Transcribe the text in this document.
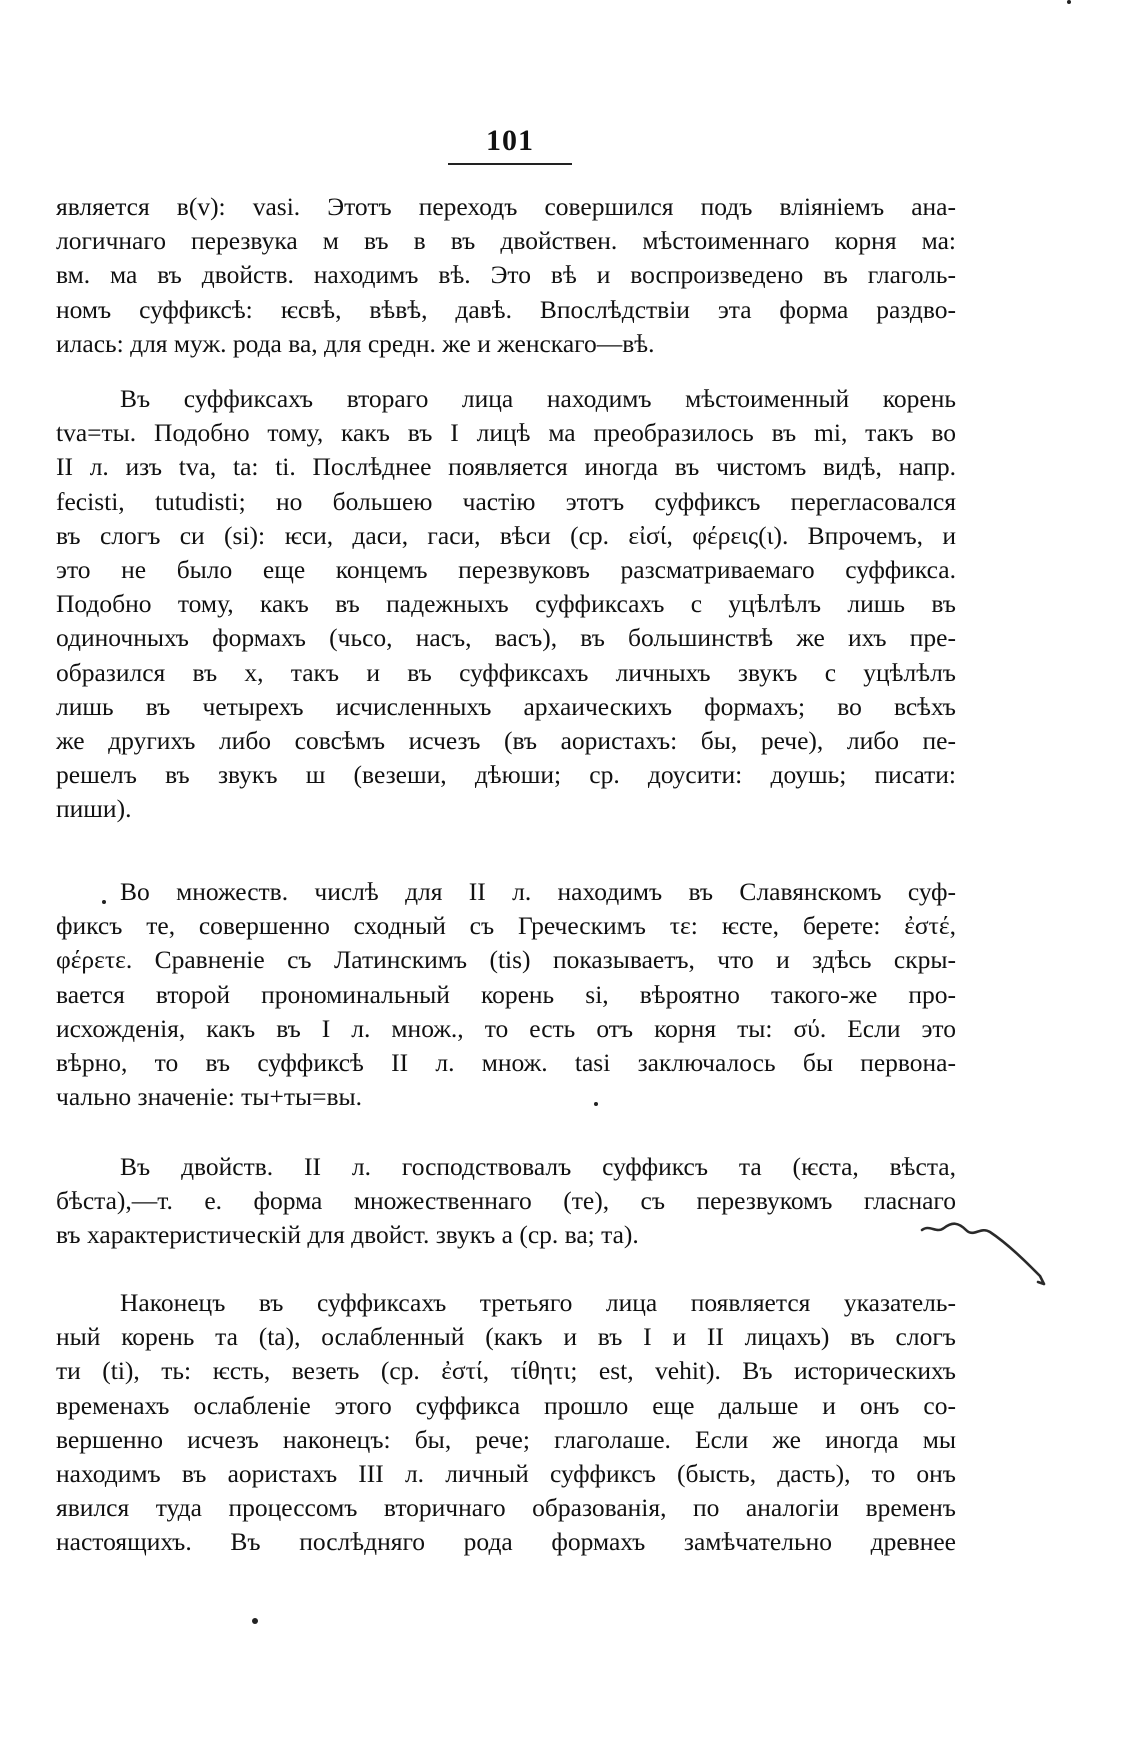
101
является в(v): vasi. Этотъ переходъ совершился подъ вліяніемъ ана-
логичнаго перезвука м въ в въ двойствен. мѣстоименнаго корня ма:
вм. ма въ двойств. находимъ вѣ. Это вѣ и воспроизведено въ глаголь-
номъ суффиксѣ: ѥсвѣ, вѣвѣ, давѣ. Впослѣдствіи эта форма раздво-
илась: для муж. рода ва, для средн. же и женскаго—вѣ.
Въ суффиксахъ втораго лица находимъ мѣстоименный корень
tva=ты. Подобно тому, какъ въ I лицѣ ма преобразилось въ mi, такъ во
II л. изъ tva, ta: ti. Послѣднее появляется иногда въ чистомъ видѣ, напр.
fecisti, tutudisti; но большею частію этотъ суффиксъ перегласовался
въ слогъ си (si): ѥси, даси, гаси, вѣси (ср. εἰσί, φέρεις(ι). Впрочемъ, и
это не было еще концемъ перезвуковъ разсматриваемаго суффикса.
Подобно тому, какъ въ падежныхъ суффиксахъ с уцѣлѣлъ лишь въ
одиночныхъ формахъ (чьсо, насъ, васъ), въ большинствѣ же ихъ пре-
образился въ х, такъ и въ суффиксахъ личныхъ звукъ с уцѣлѣлъ
лишь въ четырехъ исчисленныхъ архаическихъ формахъ; во всѣхъ
же другихъ либо совсѣмъ исчезъ (въ аористахъ: бы, рече), либо пе-
решелъ въ звукъ ш (везеши, дѣюши; ср. доусити: доушь; писати:
пиши).
Во множеств. числѣ для II л. находимъ въ Славянскомъ суф-
фиксъ те, совершенно сходный съ Греческимъ τε: ѥсте, берете: ἐστέ,
φέρετε. Сравненіе съ Латинскимъ (tis) показываетъ, что и здѣсь скры-
вается второй прономинальный корень si, вѣроятно такого-же про-
исхожденія, какъ въ I л. множ., то есть отъ корня ты: σύ. Если это
вѣрно, то въ суффиксѣ II л. множ. tasi заключалось бы первона-
чально значеніе: ты+ты=вы.
Въ двойств. II л. господствовалъ суффиксъ та (ѥста, вѣста,
бѣста),—т. е. форма множественнаго (те), съ перезвукомъ гласнаго
въ характеристическій для двойст. звукъ а (ср. ва; та).
Наконецъ въ суффиксахъ третьяго лица появляется указатель-
ный корень та (ta), ослабленный (какъ и въ I и II лицахъ) въ слогъ
ти (ti), ть: ѥсть, везеть (ср. ἐστί, τίθητι; est, vehit). Въ историческихъ
временахъ ослабленіе этого суффикса прошло еще дальше и онъ со-
вершенно исчезъ наконецъ: бы, рече; глаголаше. Если же иногда мы
находимъ въ аористахъ III л. личный суффиксъ (бысть, дасть), то онъ
явился туда процессомъ вторичнаго образованія, по аналогіи временъ
настоящихъ. Въ послѣдняго рода формахъ замѣчательно древнее
